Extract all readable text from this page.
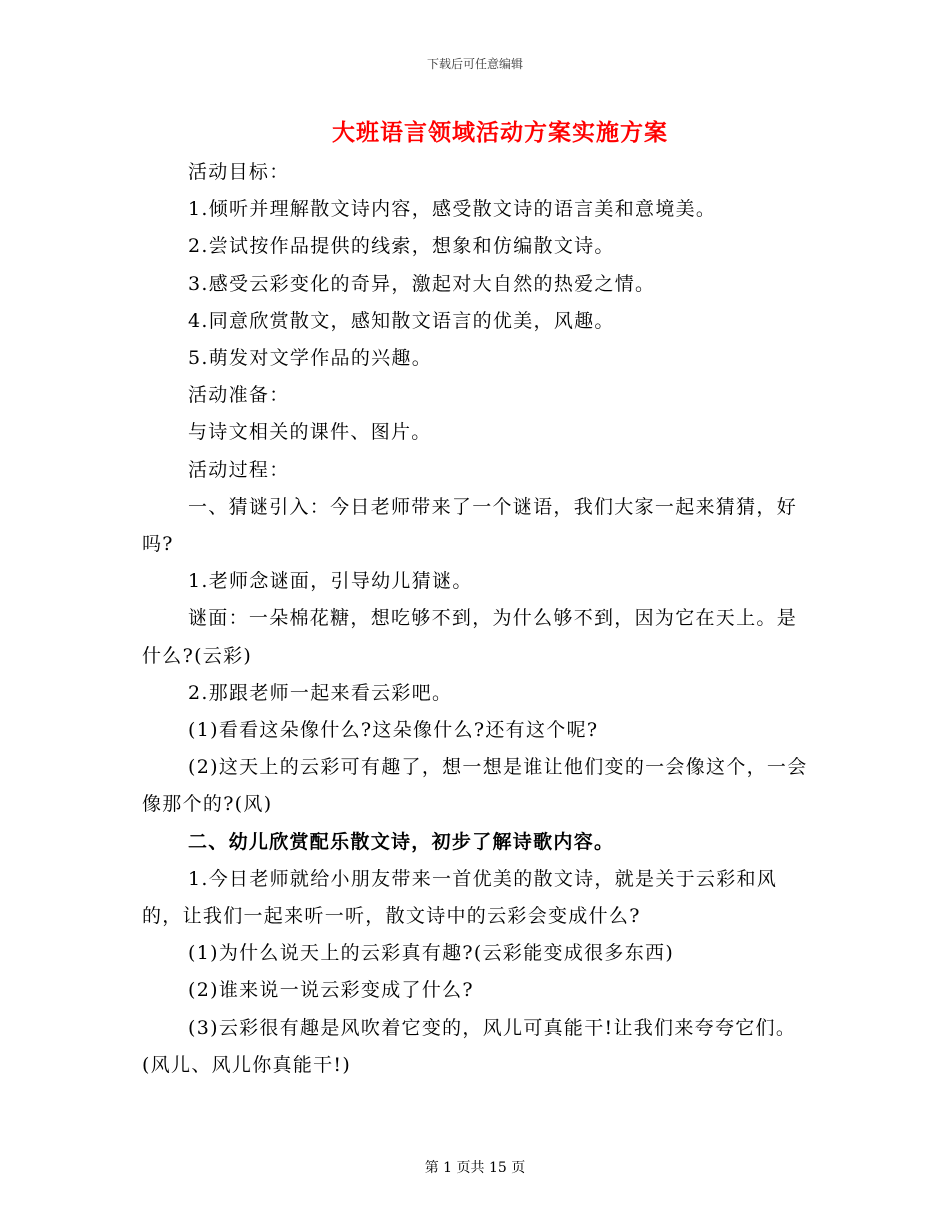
下载后可任意编辑
大班语言领域活动方案实施方案

活动目标：

1.倾听并理解散文诗内容，感受散文诗的语言美和意境美。

2.尝试按作品提供的线索，想象和仿编散文诗。

3.感受云彩变化的奇异，激起对大自然的热爱之情。

4.同意欣赏散文，感知散文语言的优美，风趣。

5.萌发对文学作品的兴趣。

活动准备：

与诗文相关的课件、图片。

活动过程：

一、猜谜引入：今日老师带来了一个谜语，我们大家一起来猜猜，好吗?

1.老师念谜面，引导幼儿猜谜。

谜面：一朵棉花糖，想吃够不到，为什么够不到，因为它在天上。是什么?(云彩)

2.那跟老师一起来看云彩吧。

(1)看看这朵像什么?这朵像什么?还有这个呢?

(2)这天上的云彩可有趣了，想一想是谁让他们变的一会像这个，一会像那个的?(风)

二、幼儿欣赏配乐散文诗，初步了解诗歌内容。

1.今日老师就给小朋友带来一首优美的散文诗，就是关于云彩和风的，让我们一起来听一听，散文诗中的云彩会变成什么?

(1)为什么说天上的云彩真有趣?(云彩能变成很多东西)

(2)谁来说一说云彩变成了什么?

(3)云彩很有趣是风吹着它变的，风儿可真能干!让我们来夸夸它们。(风儿、风儿你真能干!)

第 1 页共 15 页
